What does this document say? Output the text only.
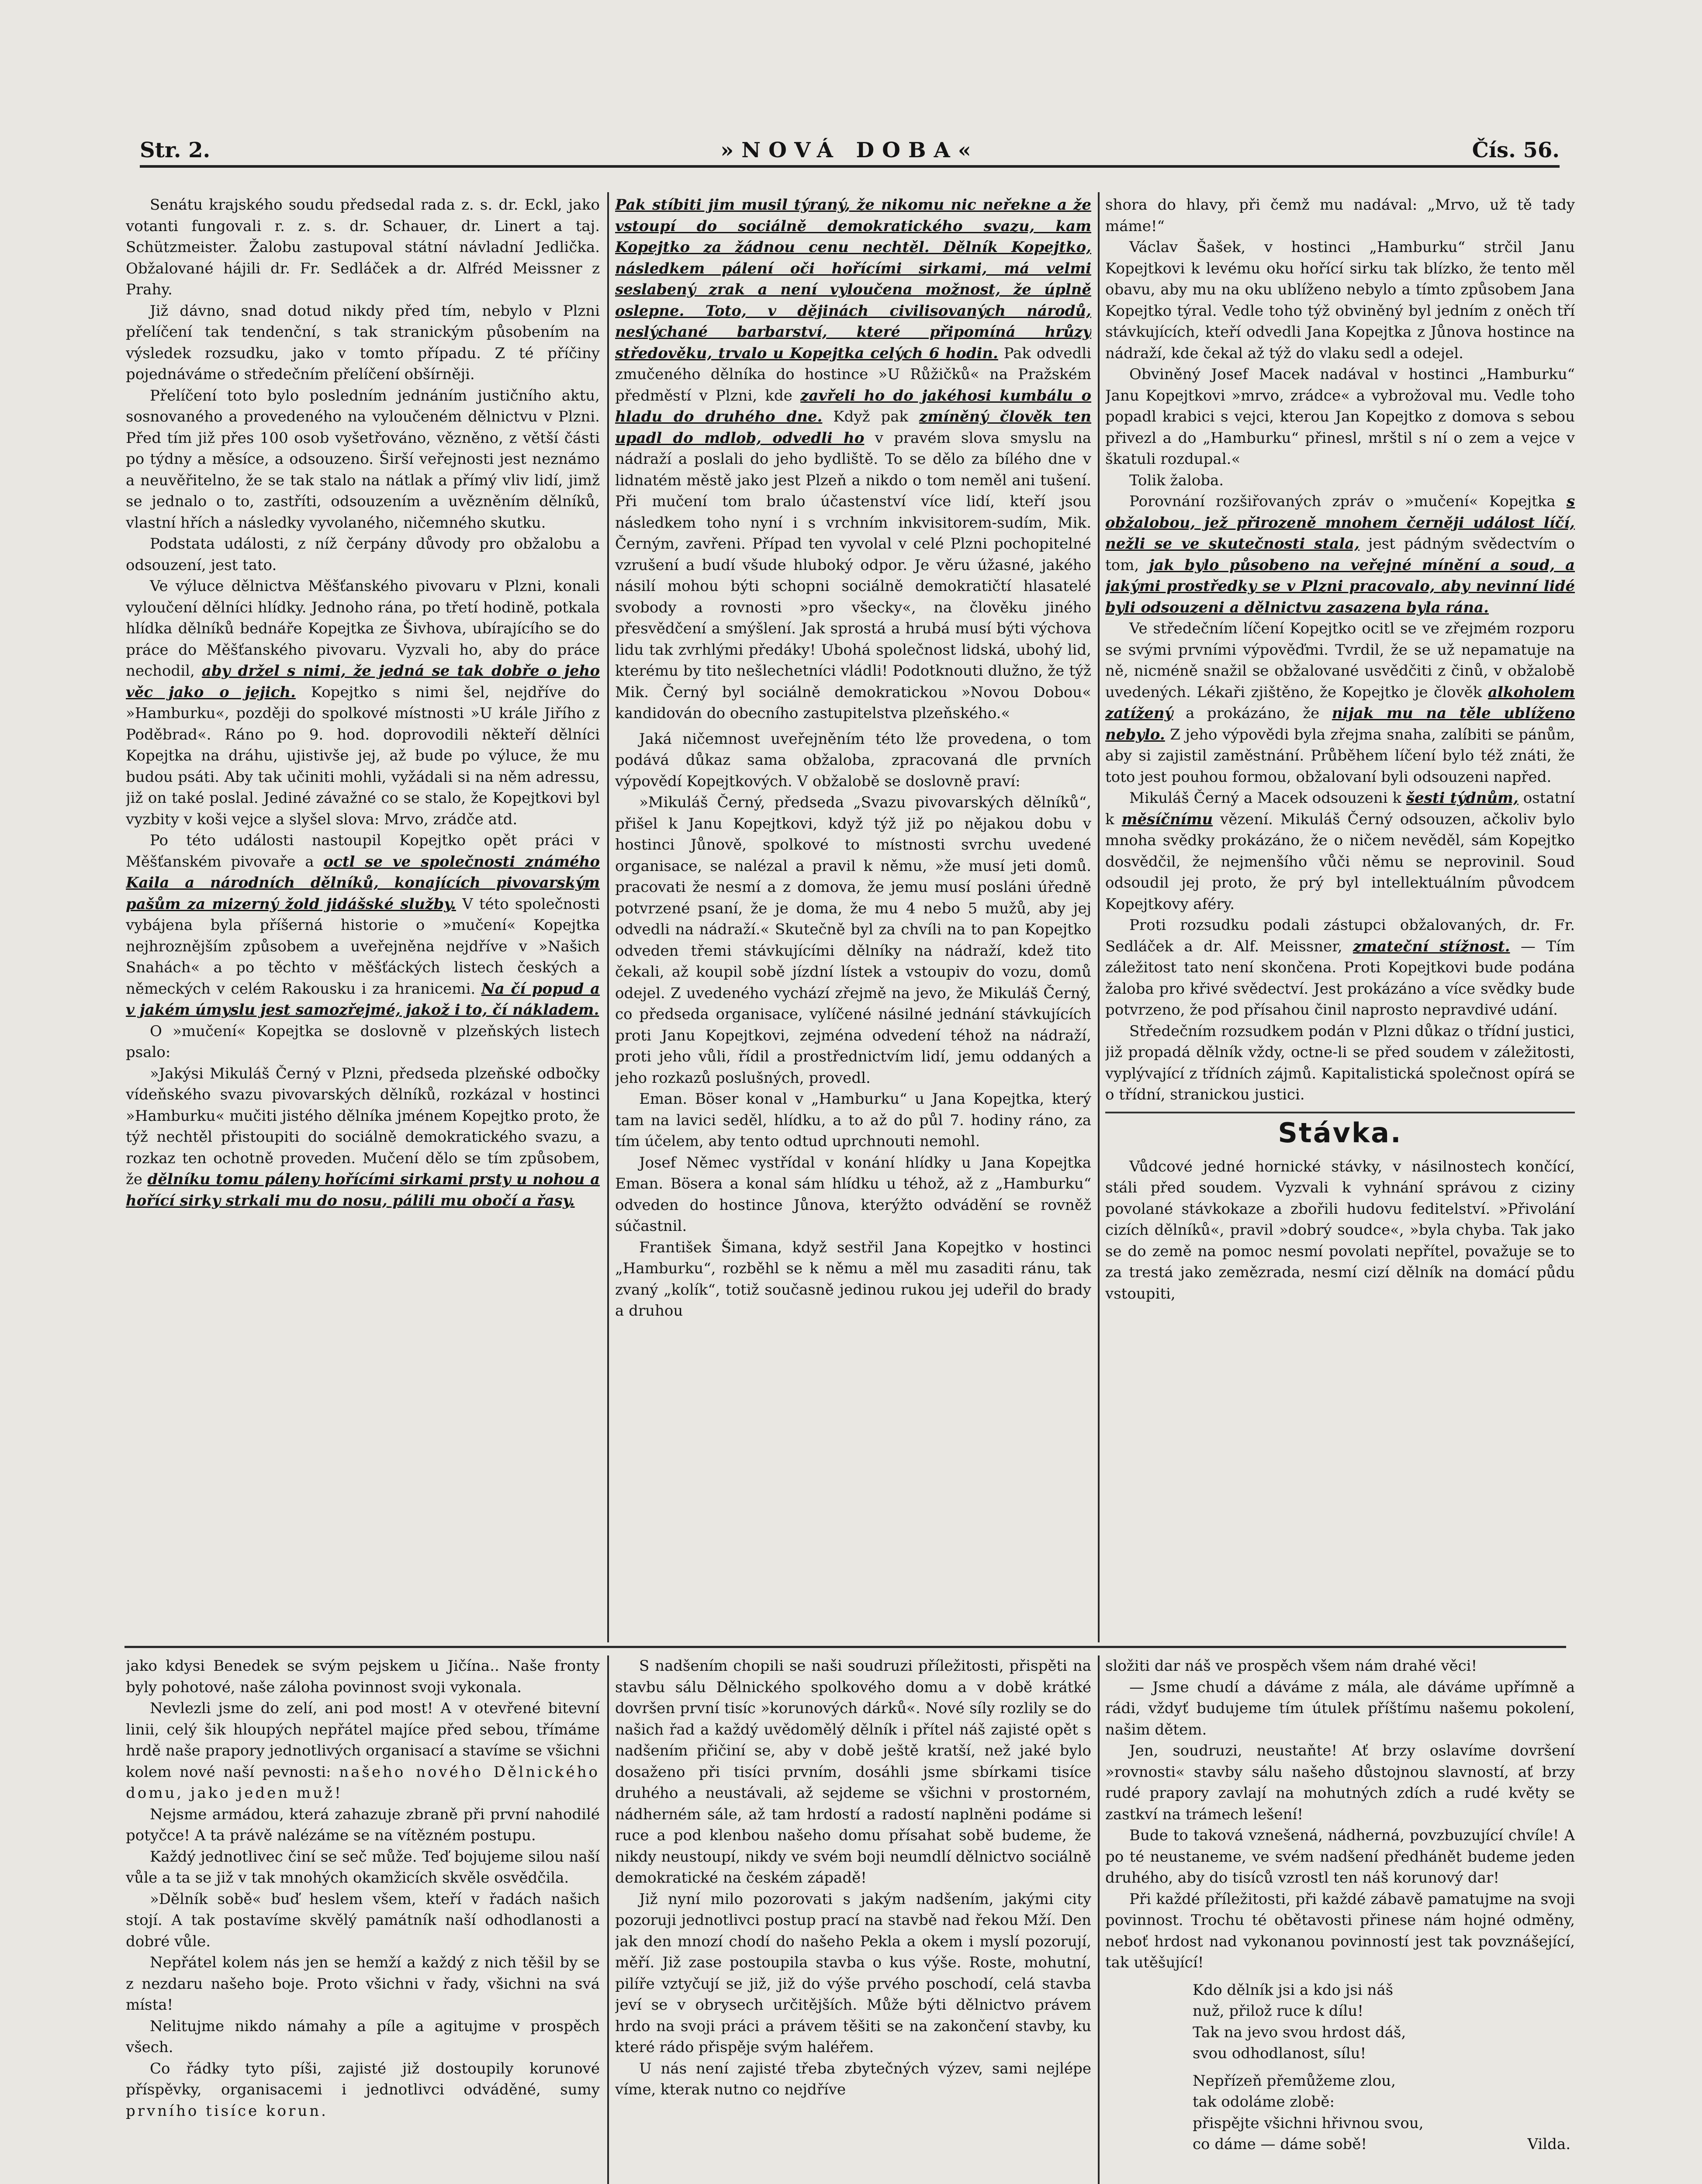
Str. 2.	»NOVÁ DOBA«	Čís. 56.

Senátu krajského soudu předsedal rada z. s. dr. Eckl, jako votanti fungovali r. z. s. dr. Schauer, dr. Linert a taj. Schützmeister. Žalobu zastupoval státní návladní Jedlička. Obžalované hájili dr. Fr. Sedláček a dr. Alfréd Meissner z Prahy.

Již dávno, snad dotud nikdy před tím, nebylo v Plzni přelíčení tak tendenční, s tak stranickým působením na výsledek rozsudku, jako v tomto případu. Z té příčiny pojednáváme o středečním přelíčení obšírněji.

Přelíčení toto bylo posledním jednáním justičního aktu, sosnovaného a provedeného na vyloučeném dělnictvu v Plzni. Před tím již přes 100 osob vyšetřováno, vězněno, z větší části po týdny a měsíce, a odsouzeno. Širší veřejnosti jest neznámo a neuvěřitelno, že se tak stalo na nátlak a přímý vliv lidí, jimž se jednalo o to, zastříti, odsouzením a uvězněním dělníků, vlastní hřích a následky vyvolaného, ničemného skutku.

Podstata události, z níž čerpány důvody pro obžalobu a odsouzení, jest tato.

Ve výluce dělnictva Měšťanského pivovaru v Plzni, konali vyloučení dělníci hlídky. Jednoho rána, po třetí hodině, potkala hlídka dělníků bednáře Kopejtka ze Šivhova, ubírajícího se do práce do Měšťanského pivovaru. Vyzvali ho, aby do práce nechodil, aby držel s nimi, že jedná se tak dobře o jeho věc jako o jejich. Kopejtko s nimi šel, nejdříve do »Hamburku«, později do spolkové místnosti »U krále Jiřího z Poděbrad«. Ráno po 9. hod. doprovodili někteří dělníci Kopejtka na dráhu, ujistivše jej, až bude po výluce, že mu budou psáti. Aby tak učiniti mohli, vyžádali si na něm adressu, již on také poslal. Jediné závažné co se stalo, že Kopejtkovi byl vyzbity v koši vejce a slyšel slova: Mrvo, zrádče atd.

Po této události nastoupil Kopejtko opět práci v Měšťanském pivovaře a octl se ve společnosti známého Kaila a národních dělníků, konajících pivovarským pašům za mizerný žold jidášské služby. V této společnosti vybájena byla příšerná historie o »mučení« Kopejtka nejhroznějším způsobem a uveřejněna nejdříve v »Našich Snahách« a po těchto v měšťáckých listech českých a německých v celém Rakousku i za hranicemi. Na čí popud a v jakém úmyslu jest samozřejmé, jakož i to, čí nákladem.

O »mučení« Kopejtka se doslovně v plzeňských listech psalo:

»Jakýsi Mikuláš Černý v Plzni, předseda plzeňské odbočky vídeňského svazu pivovarských dělníků, rozkázal v hostinci »Hamburku« mučiti jistého dělníka jménem Kopejtko proto, že týž nechtěl přistoupiti do sociálně demokratického svazu, a rozkaz ten ochotně proveden. Mučení dělo se tím způsobem, že dělníku tomu páleny hořícími sirkami prsty u nohou a hořící sirky strkali mu do nosu, pálili mu obočí a řasy.

Pak stíbiti jim musil týraný, že nikomu nic neřekne a že vstoupí do sociálně demokratického svazu, kam Kopejtko za žádnou cenu nechtěl. Dělník Kopejtko, následkem pálení oči hořícími sirkami, má velmi seslabený zrak a není vyloučena možnost, že úplně oslepne. Toto, v dějinách civilisovaných národů, neslýchané barbarství, které připomíná hrůzy středověku, trvalo u Kopejtka celých 6 hodin. Pak odvedli zmučeného dělníka do hostince »U Růžičků« na Pražském předměstí v Plzni, kde zavřeli ho do jakéhosi kumbálu o hladu do druhého dne. Když pak zmíněný člověk ten upadl do mdlob, odvedli ho v pravém slova smyslu na nádraží a poslali do jeho bydliště. To se dělo za bílého dne v lidnatém městě jako jest Plzeň a nikdo o tom neměl ani tušení. Při mučení tom bralo účastenství více lidí, kteří jsou následkem toho nyní i s vrchním inkvisitorem-sudím, Mik. Černým, zavřeni. Případ ten vyvolal v celé Plzni pochopitelné vzrušení a budí všude hluboký odpor. Je věru úžasné, jakého násilí mohou býti schopni sociálně demokratičtí hlasatelé svobody a rovnosti »pro všecky«, na člověku jiného přesvědčení a smýšlení. Jak sprostá a hrubá musí býti výchova lidu tak zvrhlými předáky! Ubohá společnost lidská, ubohý lid, kterému by tito nešlechetníci vládli! Podotknouti dlužno, že týž Mik. Černý byl sociálně demokratickou »Novou Dobou« kandidován do obecního zastupitelstva plzeňského.«

Jaká ničemnost uveřejněním této lže provedena, o tom podává důkaz sama obžaloba, zpracovaná dle prvních výpovědí Kopejtkových. V obžalobě se doslovně praví:

»Mikuláš Černý, předseda „Svazu pivovarských dělníků“, přišel k Janu Kopejtkovi, když týž již po nějakou dobu v hostinci Jůnově, spolkové to místnosti svrchu uvedené organisace, se nalézal a pravil k němu, »že musí jeti domů. pracovati že nesmí a z domova, že jemu musí posláni úředně potvrzené psaní, že je doma, že mu 4 nebo 5 mužů, aby jej odvedli na nádraží.« Skutečně byl za chvíli na to pan Kopejtko odveden třemi stávkujícími dělníky na nádraží, kdež tito čekali, až koupil sobě jízdní lístek a vstoupiv do vozu, domů odejel. Z uvedeného vychází zřejmě na jevo, že Mikuláš Černý, co předseda organisace, vylíčené násilné jednání stávkujících proti Janu Kopejtkovi, zejména odvedení téhož na nádraží, proti jeho vůli, řídil a prostřednictvím lidí, jemu oddaných a jeho rozkazů poslušných, provedl.

Eman. Böser konal v „Hamburku“ u Jana Kopejtka, který tam na lavici seděl, hlídku, a to až do půl 7. hodiny ráno, za tím účelem, aby tento odtud uprchnouti nemohl.

Josef Němec vystřídal v konání hlídky u Jana Kopejtka Eman. Bösera a konal sám hlídku u téhož, až z „Hamburku“ odveden do hostince Jůnova, kterýžto odvádění se rovněž súčastnil.

František Šimana, když sestřil Jana Kopejtko v hostinci „Hamburku“, rozběhl se k němu a měl mu zasaditi ránu, tak zvaný „kolík“, totiž současně jedinou rukou jej udeřil do brady a druhou

shora do hlavy, při čemž mu nadával: „Mrvo, už tě tady máme!“

Václav Šašek, v hostinci „Hamburku“ strčil Janu Kopejtkovi k levému oku hořící sirku tak blízko, že tento měl obavu, aby mu na oku ublíženo nebylo a tímto způsobem Jana Kopejtko týral. Vedle toho týž obviněný byl jedním z oněch tří stávkujících, kteří odvedli Jana Kopejtka z Jůnova hostince na nádraží, kde čekal až týž do vlaku sedl a odejel.

Obviněný Josef Macek nadával v hostinci „Hamburku“ Janu Kopejtkovi »mrvo, zrádce« a vybrožoval mu. Vedle toho popadl krabici s vejci, kterou Jan Kopejtko z domova s sebou přivezl a do „Hamburku“ přinesl, mrštil s ní o zem a vejce v škatuli rozdupal.«

Tolik žaloba.

Porovnání rozšiřovaných zpráv o »mučení« Kopejtka s obžalobou, jež přirozeně mnohem černěji událost líčí, nežli se ve skutečnosti stala, jest pádným svědectvím o tom, jak bylo působeno na veřejné mínění a soud, a jakými prostředky se v Plzni pracovalo, aby nevinní lidé byli odsouzeni a dělnictvu zasazena byla rána.

Ve středečním líčení Kopejtko ocitl se ve zřejmém rozporu se svými prvními výpověďmi. Tvrdil, že se už nepamatuje na ně, nicméně snažil se obžalované usvědčiti z činů, v obžalobě uvedených. Lékaři zjištěno, že Kopejtko je člověk alkoholem zatížený a prokázáno, že nijak mu na těle ublíženo nebylo. Z jeho výpovědi byla zřejma snaha, zalíbiti se pánům, aby si zajistil zaměstnání. Průběhem líčení bylo též znáti, že toto jest pouhou formou, obžalovaní byli odsouzeni napřed.

Mikuláš Černý a Macek odsouzeni k šesti týdnům, ostatní k měsíčnímu vězení. Mikuláš Černý odsouzen, ačkoliv bylo mnoha svědky prokázáno, že o ničem nevěděl, sám Kopejtko dosvědčil, že nejmenšího vůči němu se neprovinil. Soud odsoudil jej proto, že prý byl intellektuálním původcem Kopejtkovy aféry.

Proti rozsudku podali zástupci obžalovaných, dr. Fr. Sedláček a dr. Alf. Meissner, zmateční stížnost. — Tím záležitost tato není skončena. Proti Kopejtkovi bude podána žaloba pro křivé svědectví. Jest prokázáno a více svědky bude potvrzeno, že pod přísahou činil naprosto nepravdivé udání.

Středečním rozsudkem podán v Plzni důkaz o třídní justici, již propadá dělník vždy, octne-li se před soudem v záležitosti, vyplývající z třídních zájmů. Kapitalistická společnost opírá se o třídní, stranickou justici.

Stávka.

Vůdcové jedné hornické stávky, v násilnostech končící, stáli před soudem. Vyzvali k vyhnání správou z ciziny povolané stávkokaze a zbořili hudovu feditelství. »Přivolání cizích dělníků«, pravil »dobrý soudce«, »byla chyba. Tak jako se do země na pomoc nesmí povolati nepřítel, považuje se to za trestá jako zemězrada, nesmí cizí dělník na domácí půdu vstoupiti,

jako kdysi Benedek se svým pejskem u Jičína.. Naše fronty byly pohotové, naše záloha povinnost svoji vykonala.

Nevlezli jsme do zelí, ani pod most! A v otevřené bitevní linii, celý šik hloupých nepřátel majíce před sebou, třímáme hrdě naše prapory jednotlivých organisací a stavíme se všichni kolem nové naší pevnosti: našeho nového Dělnického domu, jako jeden muž!

Nejsme armádou, která zahazuje zbraně při první nahodilé potyčce! A ta právě nalézáme se na vítězném postupu.

Každý jednotlivec činí se seč může. Teď bojujeme silou naší vůle a ta se již v tak mnohých okamžicích skvěle osvědčila.

»Dělník sobě« buď heslem všem, kteří v řadách našich stojí. A tak postavíme skvělý památník naší odhodlanosti a dobré vůle.

Nepřátel kolem nás jen se hemží a každý z nich těšil by se z nezdaru našeho boje. Proto všichni v řady, všichni na svá místa!

Nelitujme nikdo námahy a píle a agitujme v prospěch všech.

Co řádky tyto píši, zajisté již dostoupily korunové příspěvky, organisacemi i jednotlivci odváděné, sumy prvního tisíce korun.

S nadšením chopili se naši soudruzi příležitosti, přispěti na stavbu sálu Dělnického spolkového domu a v době krátké dovršen první tisíc »korunových dárků«. Nové síly rozlily se do našich řad a každý uvědomělý dělník i přítel náš zajisté opět s nadšením přičiní se, aby v době ještě kratší, než jaké bylo dosaženo při tisíci prvním, dosáhli jsme sbírkami tisíce druhého a neustávali, až sejdeme se všichni v prostorném, nádherném sále, až tam hrdostí a radostí naplněni podáme si ruce a pod klenbou našeho domu přísahat sobě budeme, že nikdy neustoupí, nikdy ve svém boji neumdlí dělnictvo sociálně demokratické na českém západě!

Již nyní milo pozorovati s jakým nadšením, jakými city pozoruji jednotlivci postup prací na stavbě nad řekou Mží. Den jak den mnozí chodí do našeho Pekla a okem i myslí pozorují, měří. Již zase postoupila stavba o kus výše. Roste, mohutní, pilíře vztyčují se již, již do výše prvého poschodí, celá stavba jeví se v obrysech určitějších. Může býti dělnictvo právem hrdo na svoji práci a právem těšiti se na zakončení stavby, ku které rádo přispěje svým haléřem.

U nás není zajisté třeba zbytečných výzev, sami nejlépe víme, kterak nutno co nejdříve

složiti dar náš ve prospěch všem nám drahé věci!

— Jsme chudí a dáváme z mála, ale dáváme upřímně a rádi, vždyť budujeme tím útulek příštímu našemu pokolení, našim dětem.

Jen, soudruzi, neustaňte! Ať brzy oslavíme dovršení »rovnosti« stavby sálu našeho důstojnou slavností, ať brzy rudé prapory zavlají na mohutných zdích a rudé květy se zastkví na trámech lešení!

Bude to taková vznešená, nádherná, povzbuzující chvíle! A po té neustaneme, ve svém nadšení předhánět budeme jeden druhého, aby do tisíců vzrostl ten náš korunový dar!

Při každé příležitosti, při každé zábavě pamatujme na svoji povinnost. Trochu té obětavosti přinese nám hojné odměny, neboť hrdost nad vykonanou povinností jest tak povznášející, tak utěšující!

Kdo dělník jsi a kdo jsi náš

nuž, přilož ruce k dílu!

Tak na jevo svou hrdost dáš,

svou odhodlanost, sílu!

Nepřízeň přemůžeme zlou,

tak odoláme zlobě:

přispějte všichni hřivnou svou,

co dáme — dáme sobě!	Vilda.
